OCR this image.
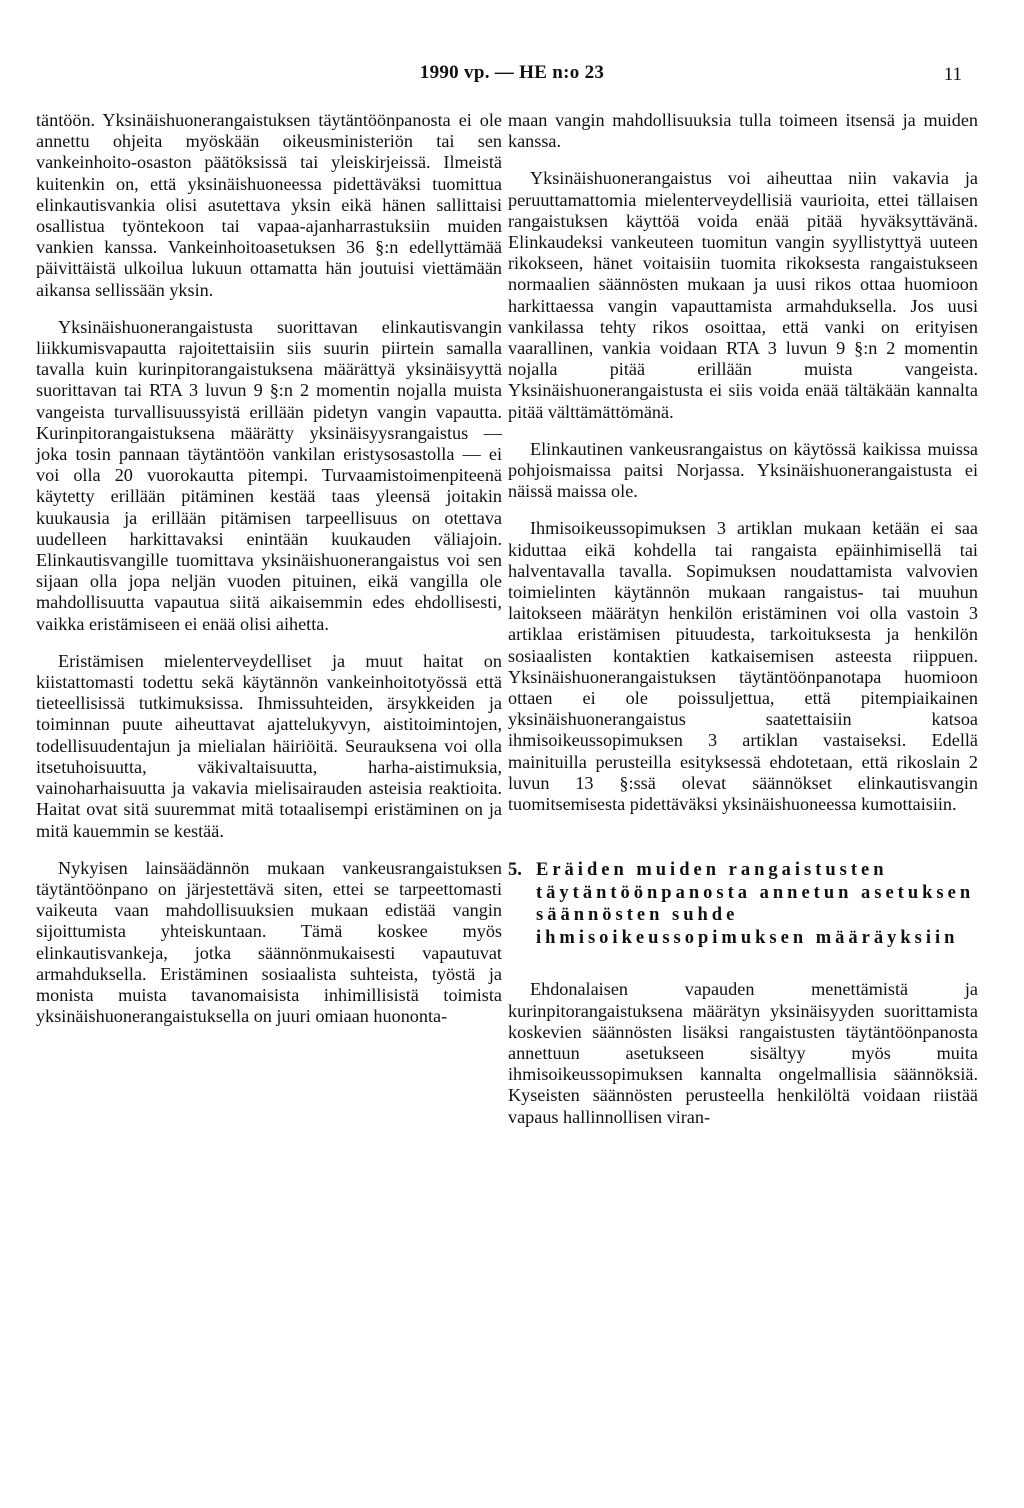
1990 vp. — HE n:o 23	11

täntöön. Yksinäishuonerangaistuksen täytäntöönpanosta ei ole annettu ohjeita myöskään oikeusministeriön tai sen vankeinhoito-osaston päätöksissä tai yleiskirjeissä. Ilmeistä kuitenkin on, että yksinäishuoneessa pidettäväksi tuomittua elinkautisvankia olisi asutettava yksin eikä hänen sallittaisi osallistua työntekoon tai vapaa-ajanharrastuksiin muiden vankien kanssa. Vankeinhoitoasetuksen 36 §:n edellyttämää päivittäistä ulkoilua lukuun ottamatta hän joutuisi viettämään aikansa sellissään yksin.

Yksinäishuonerangaistusta suorittavan elinkautisvangin liikkumisvapautta rajoitettaisiin siis suurin piirtein samalla tavalla kuin kurinpitorangaistuksena määrättyä yksinäisyyttä suorittavan tai RTA 3 luvun 9 §:n 2 momentin nojalla muista vangeista turvallisuussyistä erillään pidetyn vangin vapautta. Kurinpitorangaistuksena määrätty yksinäisyysrangaistus — joka tosin pannaan täytäntöön vankilan eristysosastolla — ei voi olla 20 vuorokautta pitempi. Turvaamistoimenpiteenä käytetty erillään pitäminen kestää taas yleensä joitakin kuukausia ja erillään pitämisen tarpeellisuus on otettava uudelleen harkittavaksi enintään kuukauden väliajoin. Elinkautisvangille tuomittava yksinäishuonerangaistus voi sen sijaan olla jopa neljän vuoden pituinen, eikä vangilla ole mahdollisuutta vapautua siitä aikaisemmin edes ehdollisesti, vaikka eristämiseen ei enää olisi aihetta.

Eristämisen mielenterveydelliset ja muut haitat on kiistattomasti todettu sekä käytännön vankeinhoitotyössä että tieteellisissä tutkimuksissa. Ihmissuhteiden, ärsykkeiden ja toiminnan puute aiheuttavat ajattelukyvyn, aistitoimintojen, todellisuudentajun ja mielialan häiriöitä. Seurauksena voi olla itsetuhoisuutta, väkivaltaisuutta, harha-aistimuksia, vainoharhaisuutta ja vakavia mielisairauden asteisia reaktioita. Haitat ovat sitä suuremmat mitä totaalisempi eristäminen on ja mitä kauemmin se kestää.

Nykyisen lainsäädännön mukaan vankeusrangaistuksen täytäntöönpano on järjestettävä siten, ettei se tarpeettomasti vaikeuta vaan mahdollisuuksien mukaan edistää vangin sijoittumista yhteiskuntaan. Tämä koskee myös elinkautisvankeja, jotka säännönmukaisesti vapautuvat armahduksella. Eristäminen sosiaalista suhteista, työstä ja monista muista tavanomaisista inhimillisistä toimista yksinäishuonerangaistuksella on juuri omiaan huononta-

maan vangin mahdollisuuksia tulla toimeen itsensä ja muiden kanssa.

Yksinäishuonerangaistus voi aiheuttaa niin vakavia ja peruuttamattomia mielenterveydellisiä vaurioita, ettei tällaisen rangaistuksen käyttöä voida enää pitää hyväksyttävänä. Elinkaudeksi vankeuteen tuomitun vangin syyllistyttyä uuteen rikokseen, hänet voitaisiin tuomita rikoksesta rangaistukseen normaalien säännösten mukaan ja uusi rikos ottaa huomioon harkittaessa vangin vapauttamista armahduksella. Jos uusi vankilassa tehty rikos osoittaa, että vanki on erityisen vaarallinen, vankia voidaan RTA 3 luvun 9 §:n 2 momentin nojalla pitää erillään muista vangeista. Yksinäishuonerangaistusta ei siis voida enää tältäkään kannalta pitää välttämättömänä.

Elinkautinen vankeusrangaistus on käytössä kaikissa muissa pohjoismaissa paitsi Norjassa. Yksinäishuonerangaistusta ei näissä maissa ole.

Ihmisoikeussopimuksen 3 artiklan mukaan ketään ei saa kiduttaa eikä kohdella tai rangaista epäinhimisellä tai halventavalla tavalla. Sopimuksen noudattamista valvovien toimielinten käytännön mukaan rangaistus- tai muuhun laitokseen määrätyn henkilön eristäminen voi olla vastoin 3 artiklaa eristämisen pituudesta, tarkoituksesta ja henkilön sosiaalisten kontaktien katkaisemisen asteesta riippuen. Yksinäishuonerangaistuksen täytäntöönpanotapa huomioon ottaen ei ole poissuljettua, että pitempiaikainen yksinäishuonerangaistus saatettaisiin katsoa ihmisoikeussopimuksen 3 artiklan vastaiseksi. Edellä mainituilla perusteilla esityksessä ehdotetaan, että rikoslain 2 luvun 13 §:ssä olevat säännökset elinkautisvangin tuomitsemisesta pidettäväksi yksinäishuoneessa kumottaisiin.

5. Eräiden muiden rangaistusten täytäntöönpanosta annetun asetuksen säännösten suhde ihmisoikeussopimuksen määräyksiin

Ehdonalaisen vapauden menettämistä ja kurinpitorangaistuksena määrätyn yksinäisyyden suorittamista koskevien säännösten lisäksi rangaistusten täytäntöönpanosta annettuun asetukseen sisältyy myös muita ihmisoikeussopimuksen kannalta ongelmallisia säännöksiä. Kyseisten säännösten perusteella henkilöltä voidaan riistää vapaus hallinnollisen viran-
